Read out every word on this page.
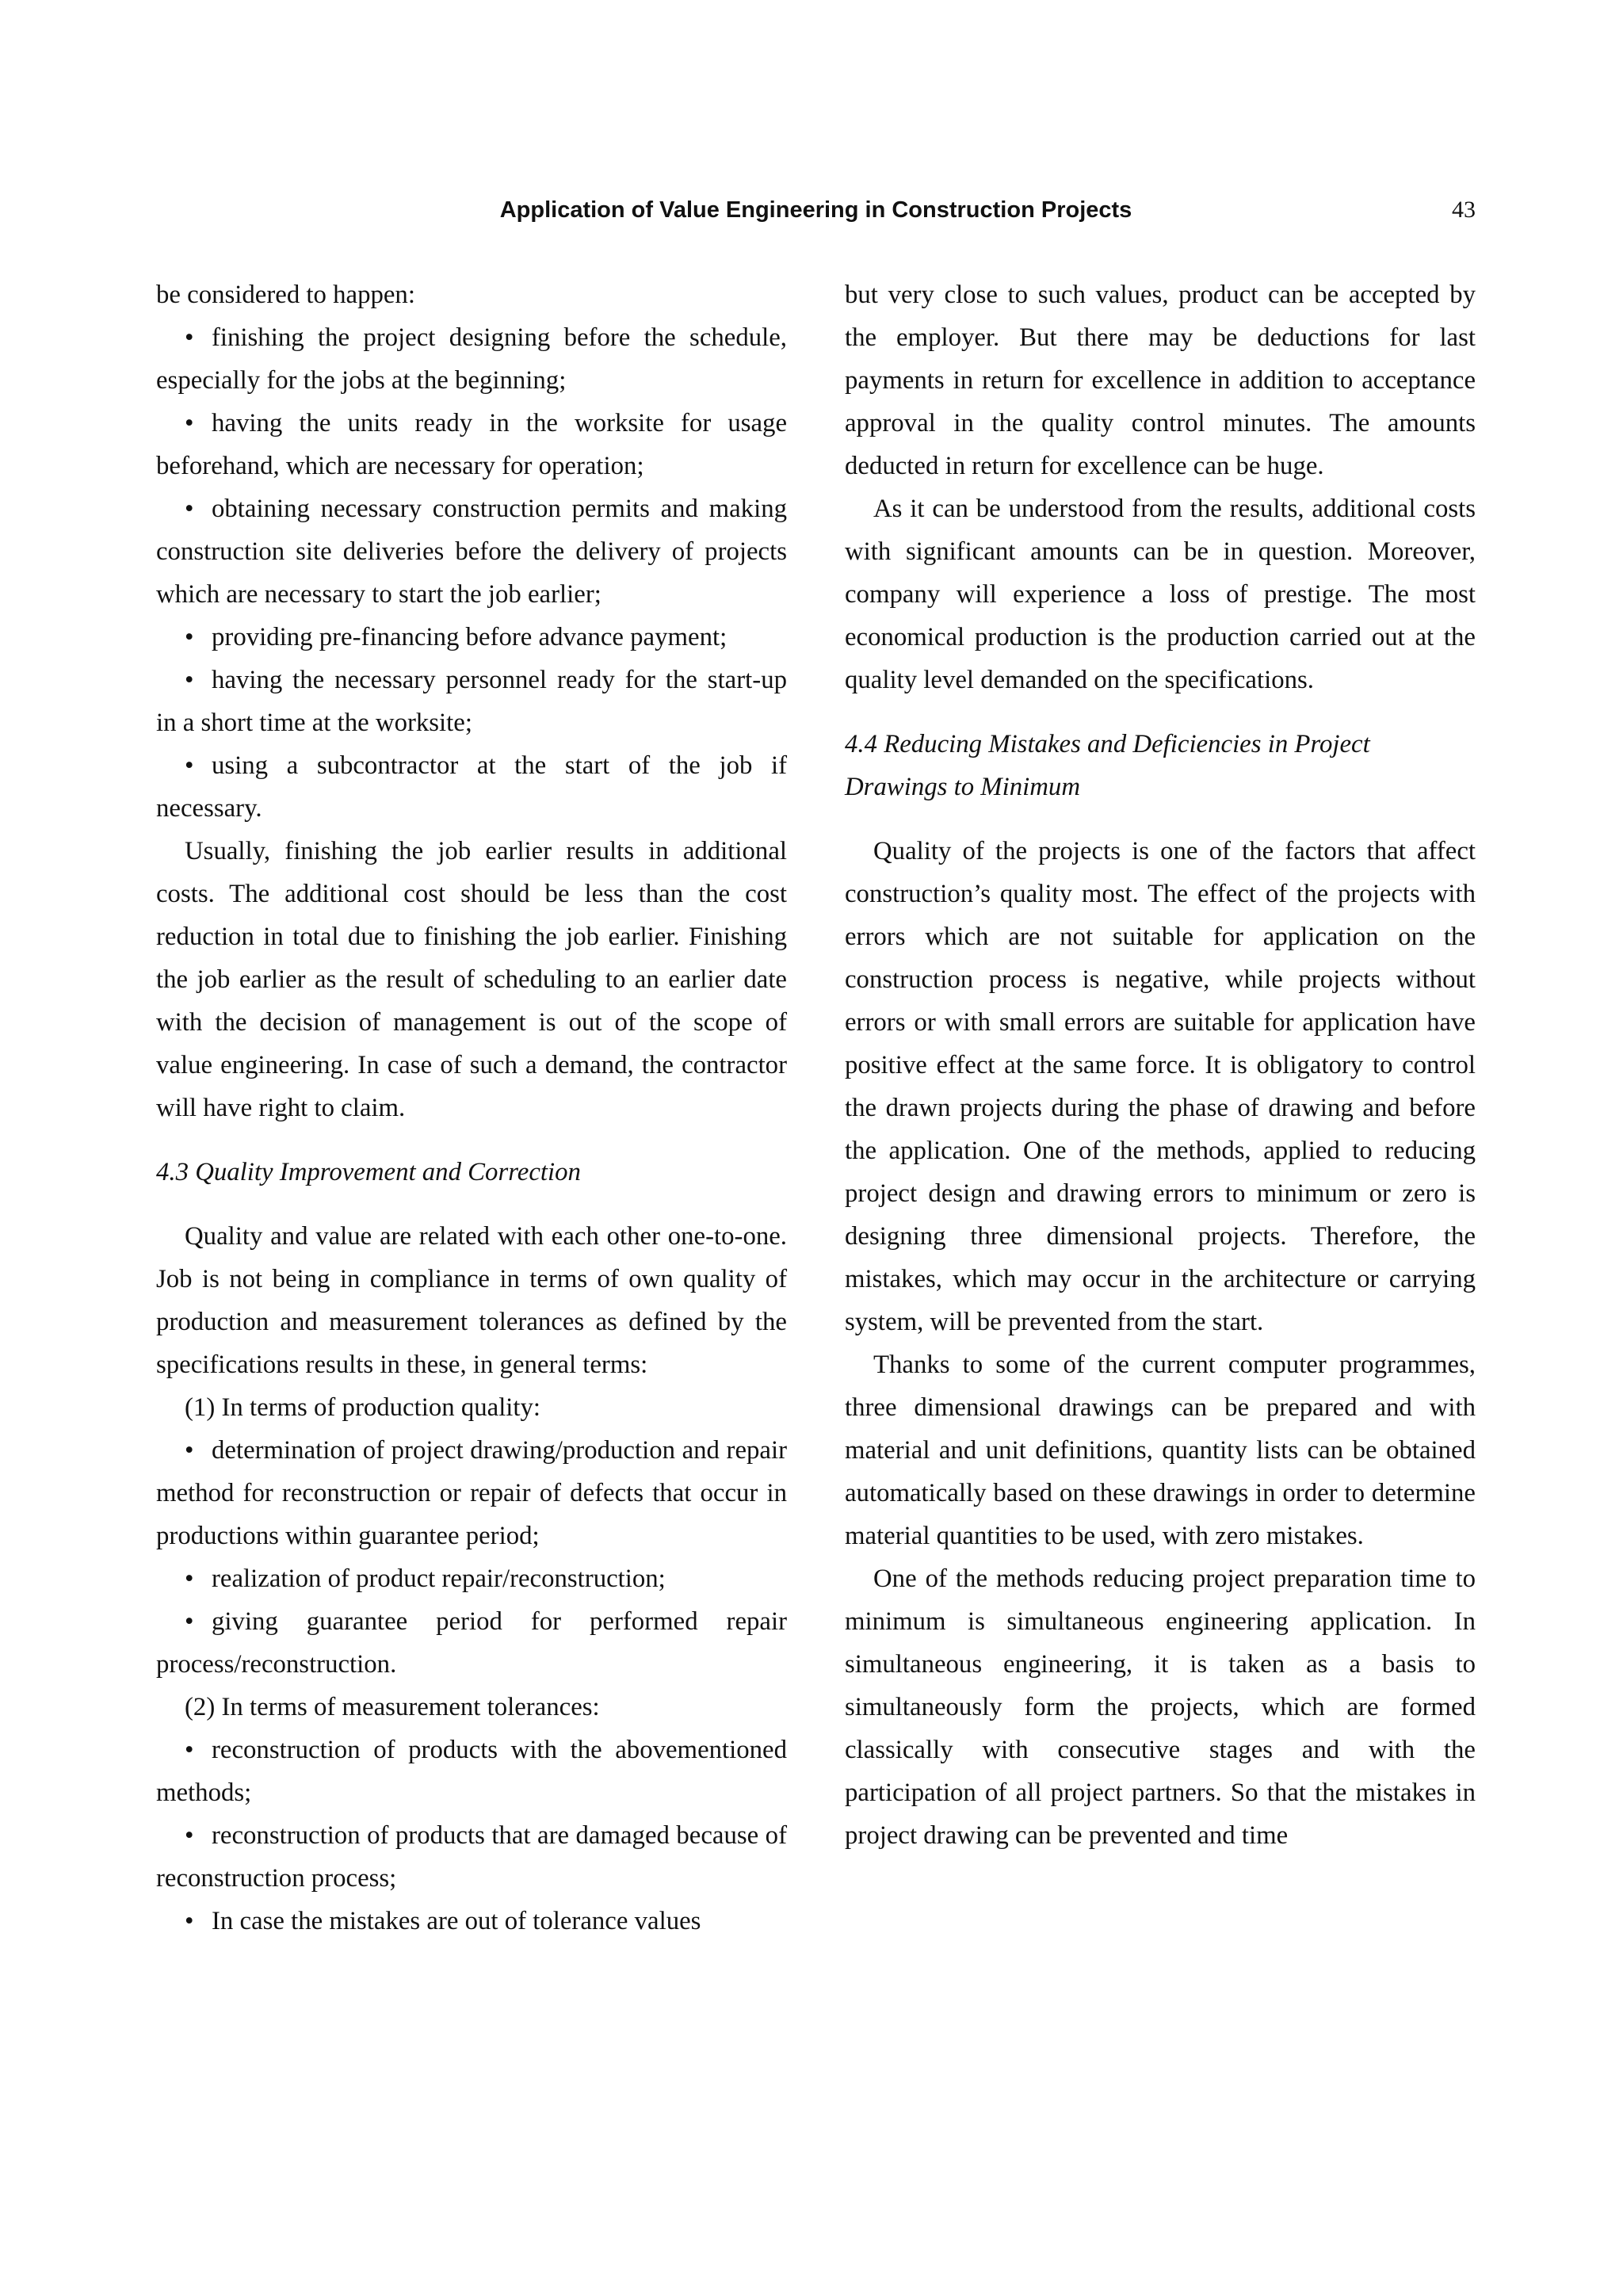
Application of Value Engineering in Construction Projects	43

be considered to happen:

• finishing the project designing before the schedule, especially for the jobs at the beginning;

• having the units ready in the worksite for usage beforehand, which are necessary for operation;

• obtaining necessary construction permits and making construction site deliveries before the delivery of projects which are necessary to start the job earlier;

• providing pre-financing before advance payment;

• having the necessary personnel ready for the start-up in a short time at the worksite;

• using a subcontractor at the start of the job if necessary.

Usually, finishing the job earlier results in additional costs. The additional cost should be less than the cost reduction in total due to finishing the job earlier. Finishing the job earlier as the result of scheduling to an earlier date with the decision of management is out of the scope of value engineering. In case of such a demand, the contractor will have right to claim.

4.3 Quality Improvement and Correction

Quality and value are related with each other one-to-one. Job is not being in compliance in terms of own quality of production and measurement tolerances as defined by the specifications results in these, in general terms:

(1) In terms of production quality:

• determination of project drawing/production and repair method for reconstruction or repair of defects that occur in productions within guarantee period;

• realization of product repair/reconstruction;

• giving guarantee period for performed repair process/reconstruction.

(2) In terms of measurement tolerances:

• reconstruction of products with the abovementioned methods;

• reconstruction of products that are damaged because of reconstruction process;

• In case the mistakes are out of tolerance values

but very close to such values, product can be accepted by the employer. But there may be deductions for last payments in return for excellence in addition to acceptance approval in the quality control minutes. The amounts deducted in return for excellence can be huge.

As it can be understood from the results, additional costs with significant amounts can be in question. Moreover, company will experience a loss of prestige. The most economical production is the production carried out at the quality level demanded on the specifications.

4.4 Reducing Mistakes and Deficiencies in Project Drawings to Minimum

Quality of the projects is one of the factors that affect construction’s quality most. The effect of the projects with errors which are not suitable for application on the construction process is negative, while projects without errors or with small errors are suitable for application have positive effect at the same force. It is obligatory to control the drawn projects during the phase of drawing and before the application. One of the methods, applied to reducing project design and drawing errors to minimum or zero is designing three dimensional projects. Therefore, the mistakes, which may occur in the architecture or carrying system, will be prevented from the start.

Thanks to some of the current computer programmes, three dimensional drawings can be prepared and with material and unit definitions, quantity lists can be obtained automatically based on these drawings in order to determine material quantities to be used, with zero mistakes.

One of the methods reducing project preparation time to minimum is simultaneous engineering application. In simultaneous engineering, it is taken as a basis to simultaneously form the projects, which are formed classically with consecutive stages and with the participation of all project partners. So that the mistakes in project drawing can be prevented and time
